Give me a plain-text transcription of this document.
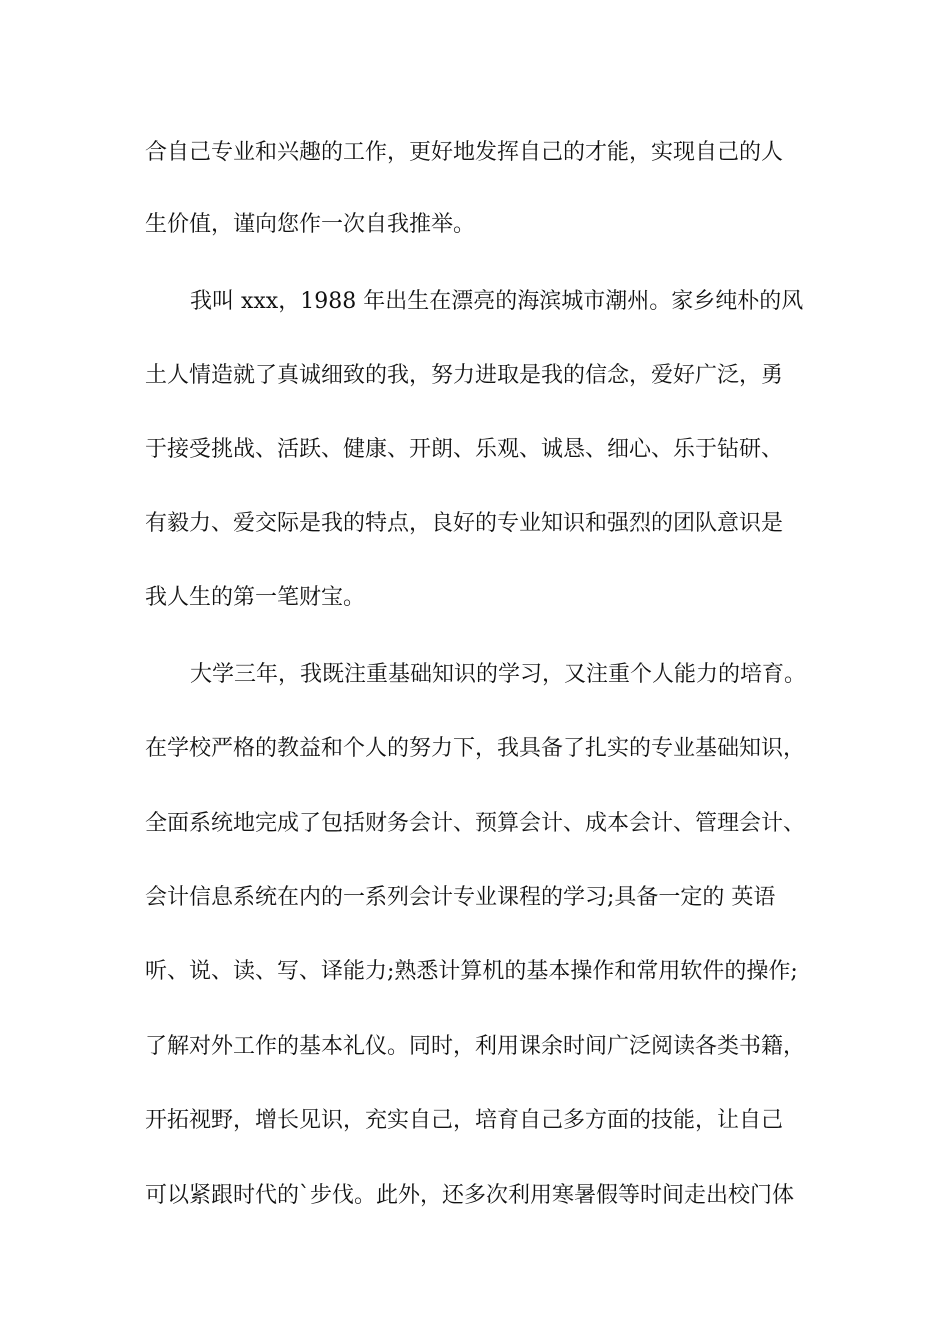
合自己专业和兴趣的工作，更好地发挥自己的才能，实现自己的人
生价值，谨向您作一次自我推举。
我叫 xxx，1988 年出生在漂亮的海滨城市潮州。家乡纯朴的风
土人情造就了真诚细致的我，努力进取是我的信念，爱好广泛，勇
于接受挑战、活跃、健康、开朗、乐观、诚恳、细心、乐于钻研、
有毅力、爱交际是我的特点，良好的专业知识和强烈的团队意识是
我人生的第一笔财宝。
大学三年，我既注重基础知识的学习，又注重个人能力的培育。
在学校严格的教益和个人的努力下，我具备了扎实的专业基础知识，
全面系统地完成了包括财务会计、预算会计、成本会计、管理会计、
会计信息系统在内的一系列会计专业课程的学习;具备一定的 英语
听、说、读、写、译能力;熟悉计算机的基本操作和常用软件的操作;
了解对外工作的基本礼仪。同时，利用课余时间广泛阅读各类书籍，
开拓视野，增长见识，充实自己，培育自己多方面的技能，让自己
可以紧跟时代的`步伐。此外，还多次利用寒暑假等时间走出校门体
